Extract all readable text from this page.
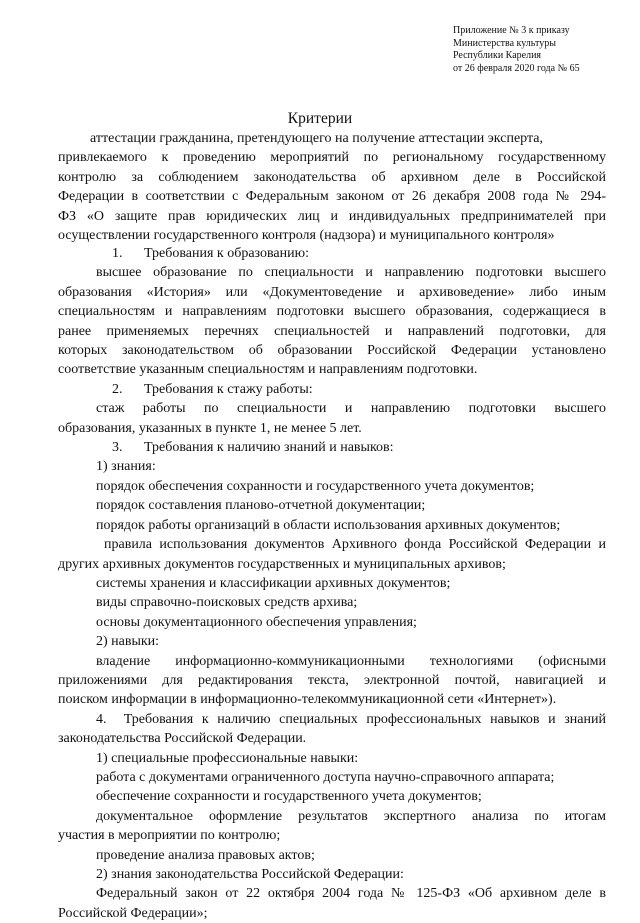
Приложение № 3 к приказу
Министерства культуры
Республики Карелия
от 26 февраля 2020 года № 65
Критерии
аттестации гражданина, претендующего на получение аттестации эксперта,
привлекаемого к проведению мероприятий по региональному государственному
контролю за соблюдением законодательства об архивном деле в Российской
Федерации в соответствии с Федеральным законом от 26 декабря 2008 года № 294-
ФЗ «О защите прав юридических лиц и индивидуальных предпринимателей при
осуществлении государственного контроля (надзора) и муниципального контроля»
1. Требования к образованию:
высшее образование по специальности и направлению подготовки высшего
образования «История» или «Документоведение и архивоведение» либо иным
специальностям и направлениям подготовки высшего образования, содержащиеся в
ранее применяемых перечнях специальностей и направлений подготовки, для
которых законодательством об образовании Российской Федерации установлено
соответствие указанным специальностям и направлениям подготовки.
2. Требования к стажу работы:
стаж работы по специальности и направлению подготовки высшего
образования, указанных в пункте 1, не менее 5 лет.
3. Требования к наличию знаний и навыков:
1) знания:
порядок обеспечения сохранности и государственного учета документов;
порядок составления планово-отчетной документации;
порядок работы организаций в области использования архивных документов;
правила использования документов Архивного фонда Российской Федерации и
других архивных документов государственных и муниципальных архивов;
системы хранения и классификации архивных документов;
виды справочно-поисковых средств архива;
основы документационного обеспечения управления;
2) навыки:
владение информационно-коммуникационными технологиями (офисными
приложениями для редактирования текста, электронной почтой, навигацией и
поиском информации в информационно-телекоммуникационной сети «Интернет»).
4. Требования к наличию специальных профессиональных навыков и знаний
законодательства Российской Федерации.
1) специальные профессиональные навыки:
работа с документами ограниченного доступа научно-справочного аппарата;
обеспечение сохранности и государственного учета документов;
документальное оформление результатов экспертного анализа по итогам
участия в мероприятии по контролю;
проведение анализа правовых актов;
2) знания законодательства Российской Федерации:
Федеральный закон от 22 октября 2004 года № 125-ФЗ «Об архивном деле в
Российской Федерации»;
